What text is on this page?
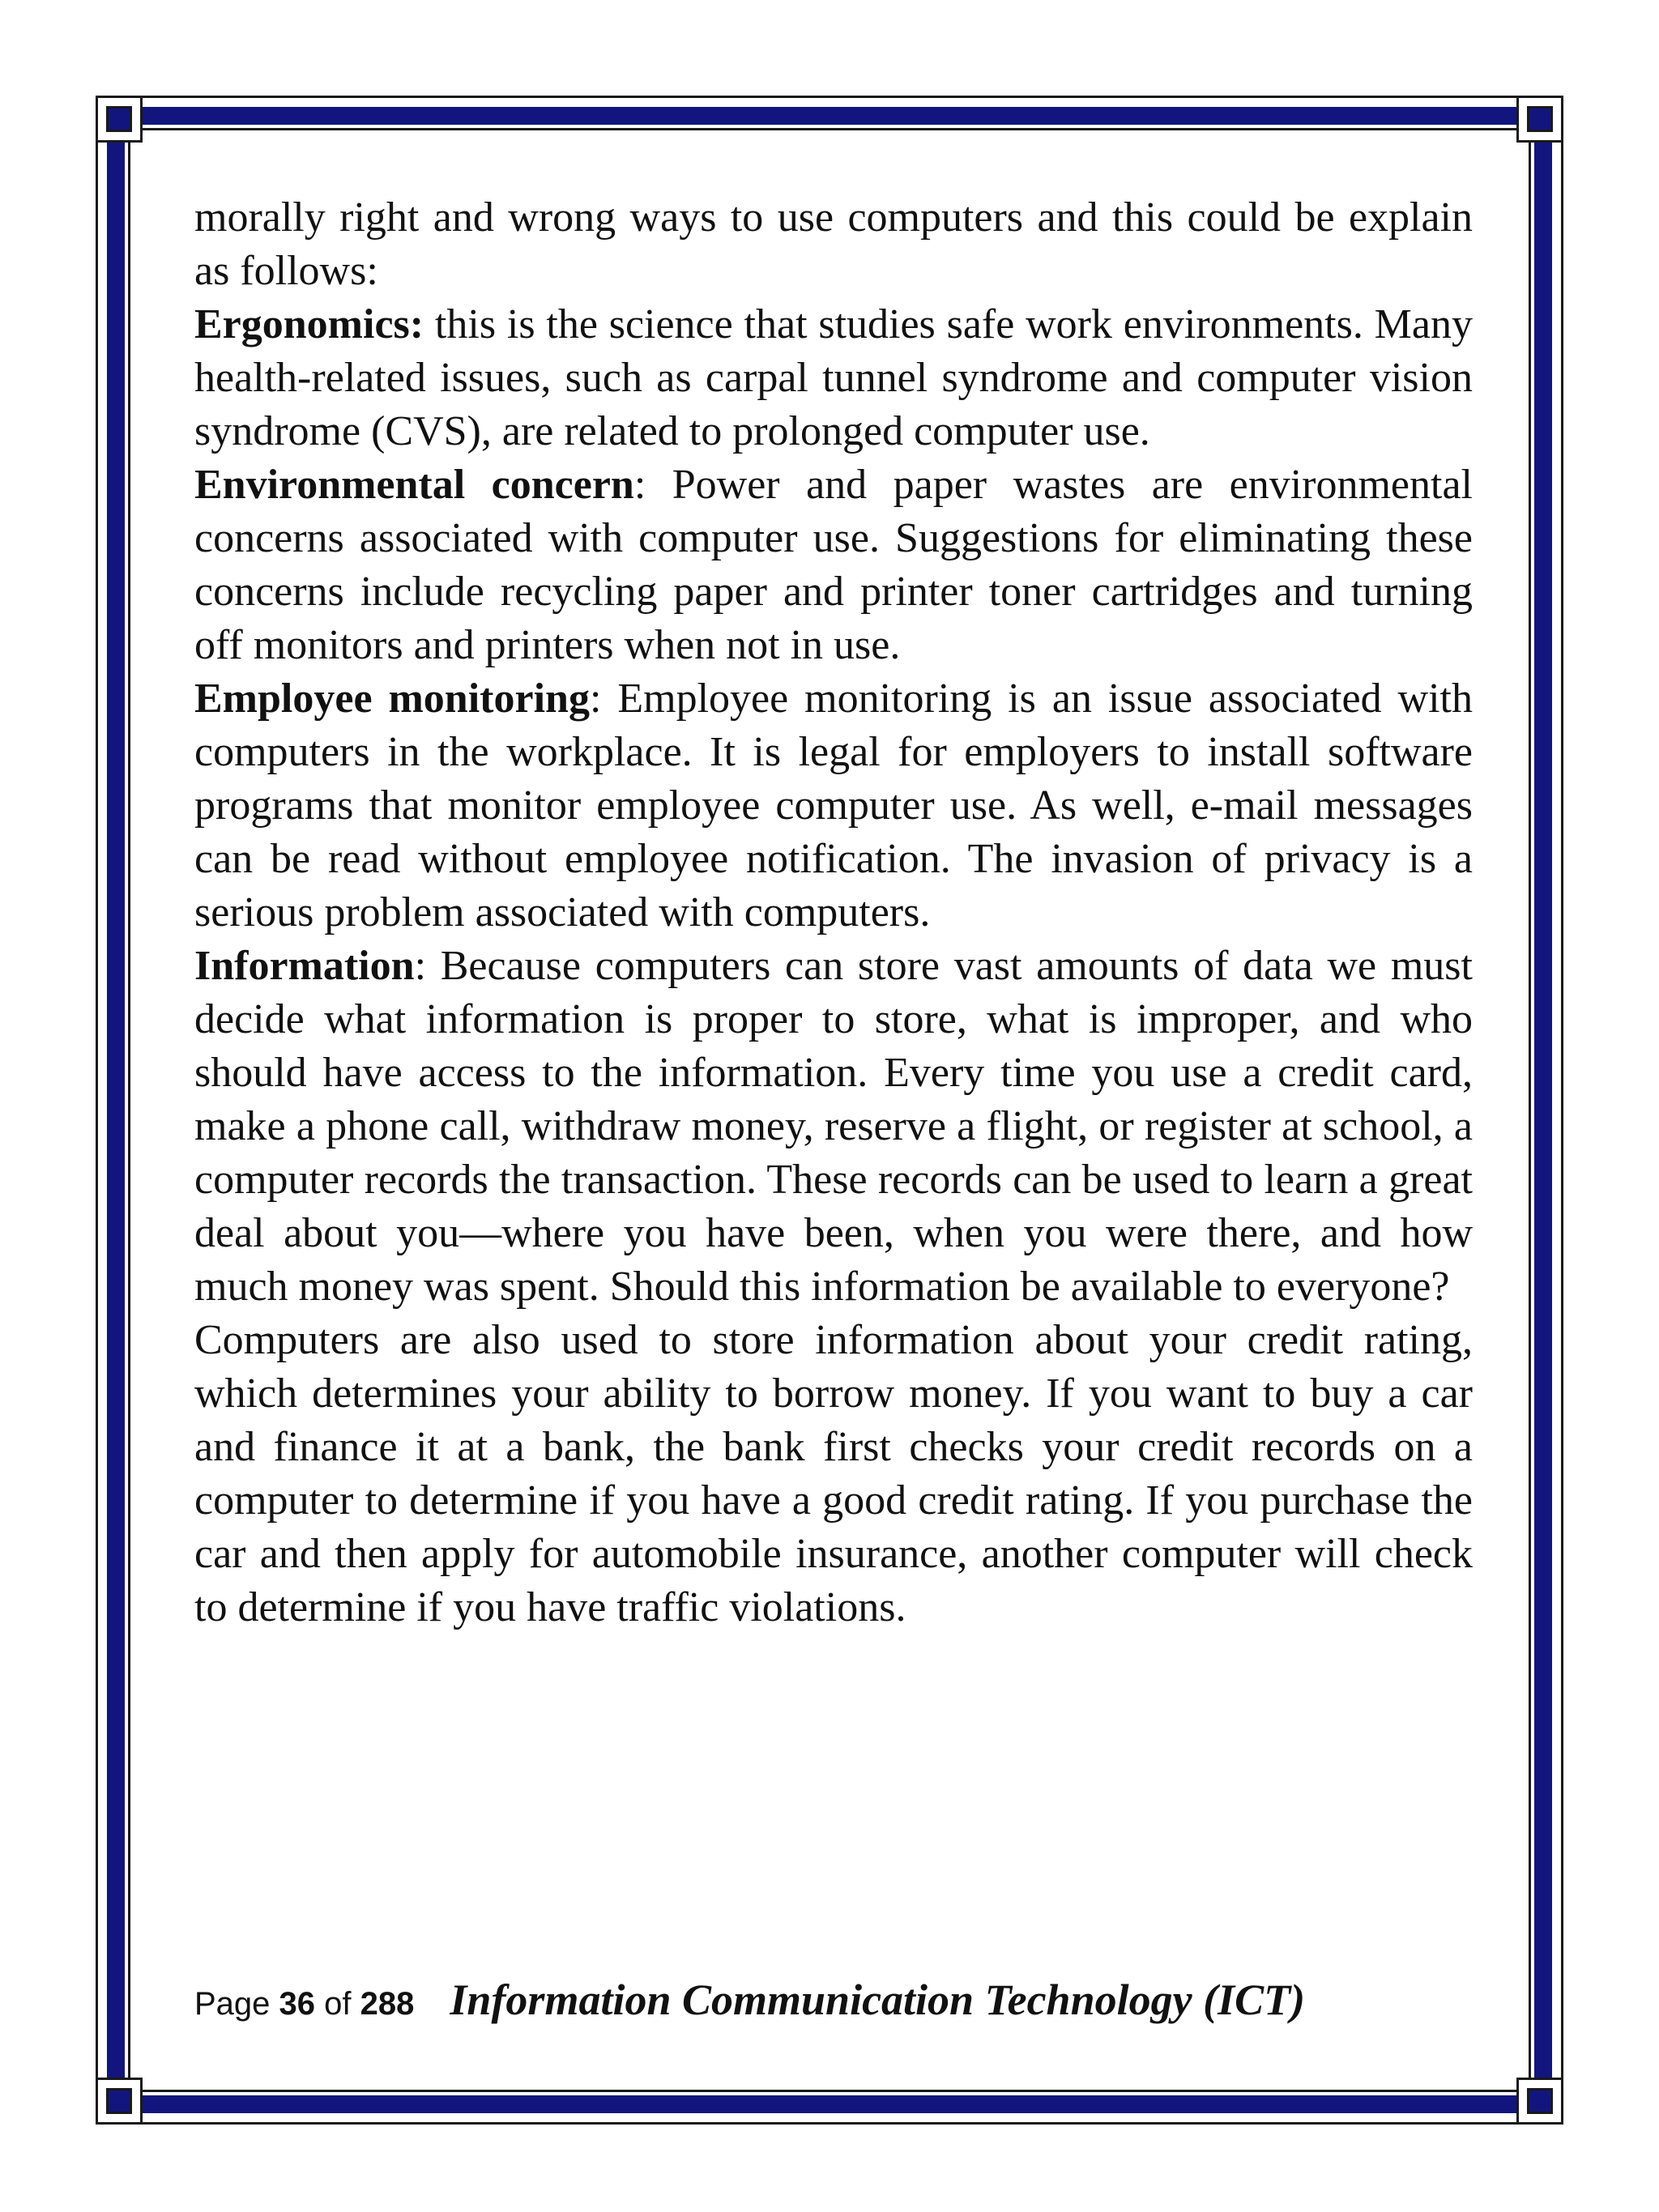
morally right and wrong ways to use computers and this could be explain as follows:

Ergonomics: this is the science that studies safe work environments. Many health-related issues, such as carpal tunnel syndrome and computer vision syndrome (CVS), are related to prolonged computer use.

Environmental concern: Power and paper wastes are environmental concerns associated with computer use. Suggestions for eliminating these concerns include recycling paper and printer toner cartridges and turning off monitors and printers when not in use.

Employee monitoring: Employee monitoring is an issue associated with computers in the workplace. It is legal for employers to install software programs that monitor employee computer use. As well, e-mail messages can be read without employee notification. The invasion of privacy is a serious problem associated with computers.

Information: Because computers can store vast amounts of data we must decide what information is proper to store, what is improper, and who should have access to the information. Every time you use a credit card, make a phone call, withdraw money, reserve a flight, or register at school, a computer records the transaction. These records can be used to learn a great deal about you—where you have been, when you were there, and how much money was spent. Should this information be available to everyone?

Computers are also used to store information about your credit rating, which determines your ability to borrow money. If you want to buy a car and finance it at a bank, the bank first checks your credit records on a computer to determine if you have a good credit rating. If you purchase the car and then apply for automobile insurance, another computer will check to determine if you have traffic violations.

Page 36 of 288 Information Communication Technology (ICT)
